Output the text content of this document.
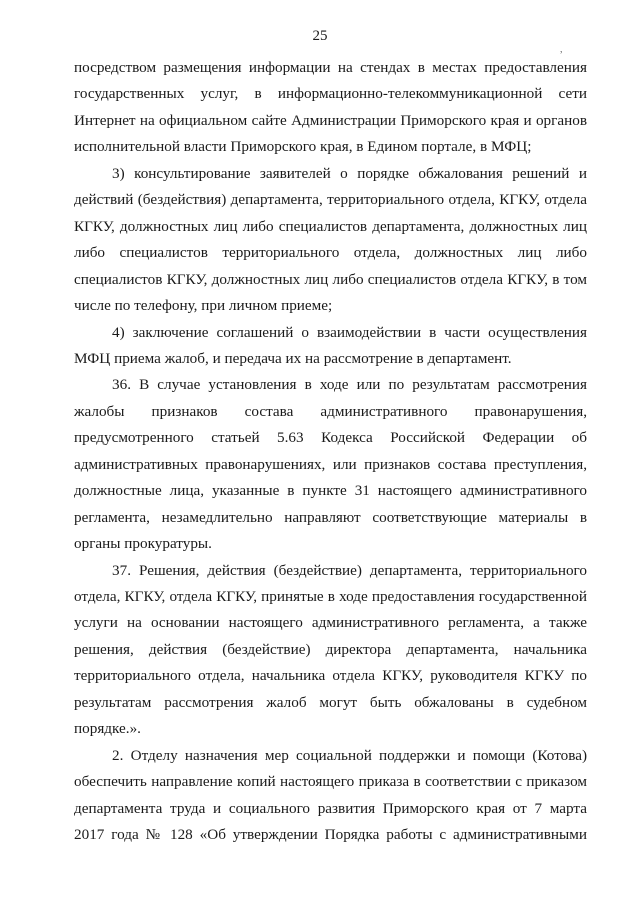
25
,
посредством размещения информации на стендах в местах предоставления
государственных услуг, в информационно-телекоммуникационной сети
Интернет на официальном сайте Администрации Приморского края и органов
исполнительной власти Приморского края, в Едином портале, в МФЦ;
3) консультирование заявителей о порядке обжалования решений и
действий (бездействия) департамента, территориального отдела, КГКУ, отдела
КГКУ, должностных лиц либо специалистов департамента, должностных лиц
либо специалистов территориального отдела, должностных лиц либо
специалистов КГКУ, должностных лиц либо специалистов отдела КГКУ, в том
числе по телефону, при личном приеме;
4) заключение соглашений о взаимодействии в части осуществления
МФЦ приема жалоб, и передача их на рассмотрение в департамент.
36. В случае установления в ходе или по результатам рассмотрения
жалобы признаков состава административного правонарушения,
предусмотренного статьей 5.63 Кодекса Российской Федерации об
административных правонарушениях, или признаков состава преступления,
должностные лица, указанные в пункте 31 настоящего административного
регламента, незамедлительно направляют соответствующие материалы в
органы прокуратуры.
37. Решения, действия (бездействие) департамента, территориального
отдела, КГКУ, отдела КГКУ, принятые в ходе предоставления государственной
услуги на основании настоящего административного регламента, а также
решения, действия (бездействие) директора департамента, начальника
территориального отдела, начальника отдела КГКУ, руководителя КГКУ по
результатам рассмотрения жалоб могут быть обжалованы в судебном
порядке.».
2. Отделу назначения мер социальной поддержки и помощи (Котова)
обеспечить направление копий настоящего приказа в соответствии с приказом
департамента труда и социального развития Приморского края от 7 марта
2017 года № 128 «Об утверждении Порядка работы с административными
